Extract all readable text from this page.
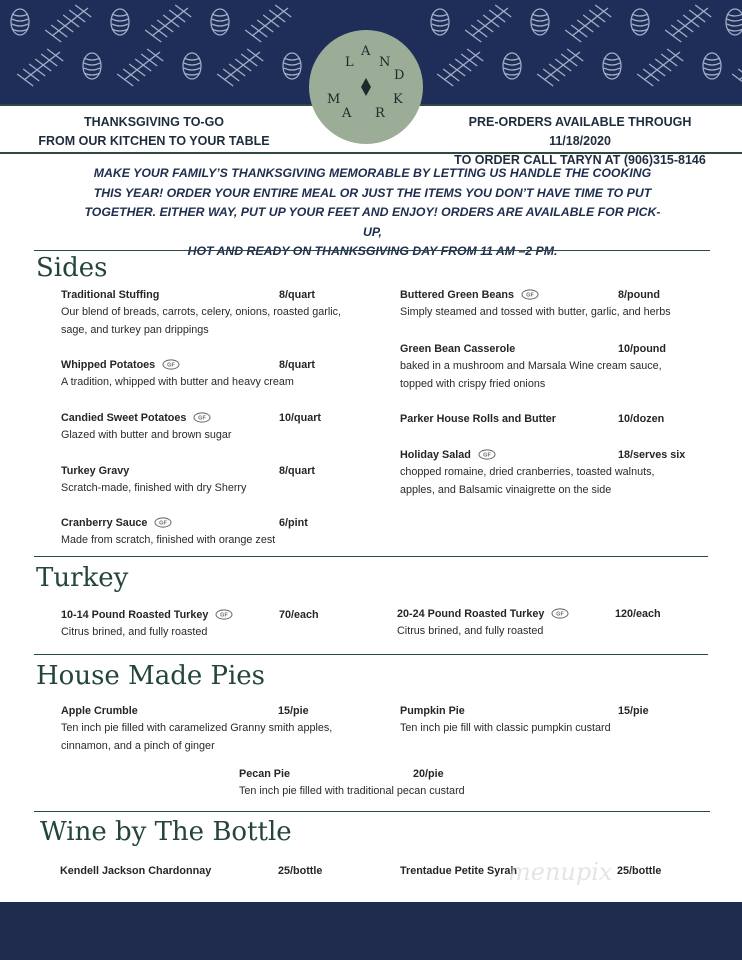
THANKSGIVING TO-GO
FROM OUR KITCHEN TO YOUR TABLE
PRE-ORDERS AVAILABLE THROUGH 11/18/2020
TO ORDER CALL TARYN AT (906)315-8146
L
A
N
D
M
A R
K
MAKE YOUR FAMILY’S THANKSGIVING MEMORABLE BY LETTING US HANDLE THE COOKING
THIS YEAR! ORDER YOUR ENTIRE MEAL OR JUST THE ITEMS YOU DON’T HAVE TIME TO PUT
TOGETHER. EITHER WAY, PUT UP YOUR FEET AND ENJOY! ORDERS ARE AVAILABLE FOR PICK-UP,
HOT AND READY ON THANKSGIVING DAY FROM 11 AM –2 PM.
Sides
Traditional Stuffing	8/quart
Our blend of breads, carrots, celery, onions, roasted garlic,
sage, and turkey pan drippings
Whipped Potatoes GF	8/quart
A tradition, whipped with butter and heavy cream
Candied Sweet Potatoes GF	10/quart
Glazed with butter and brown sugar
Turkey Gravy	8/quart
Scratch-made, finished with dry Sherry
Cranberry Sauce GF	6/pint
Made from scratch, finished with orange zest
Buttered Green Beans GF	8/pound
Simply steamed and tossed with butter, garlic, and herbs
Green Bean Casserole	10/pound
baked in a mushroom and Marsala Wine cream sauce,
topped with crispy fried onions
Parker House Rolls and Butter	10/dozen
Holiday Salad GF	18/serves six
chopped romaine, dried cranberries, toasted walnuts,
apples, and Balsamic vinaigrette on the side
Turkey
10-14 Pound Roasted Turkey GF	70/each
Citrus brined, and fully roasted
20-24 Pound Roasted Turkey GF	120/each
Citrus brined, and fully roasted
House Made Pies
Apple Crumble	15/pie
Ten inch pie filled with caramelized Granny smith apples,
cinnamon, and a pinch of ginger
Pumpkin Pie	15/pie
Ten inch pie fill with classic pumpkin custard
Pecan Pie	20/pie
Ten inch pie filled with traditional pecan custard
Wine by The Bottle
Kendell Jackson Chardonnay	25/bottle	Trentadue Petite Syrah	25/bottle
menupix
